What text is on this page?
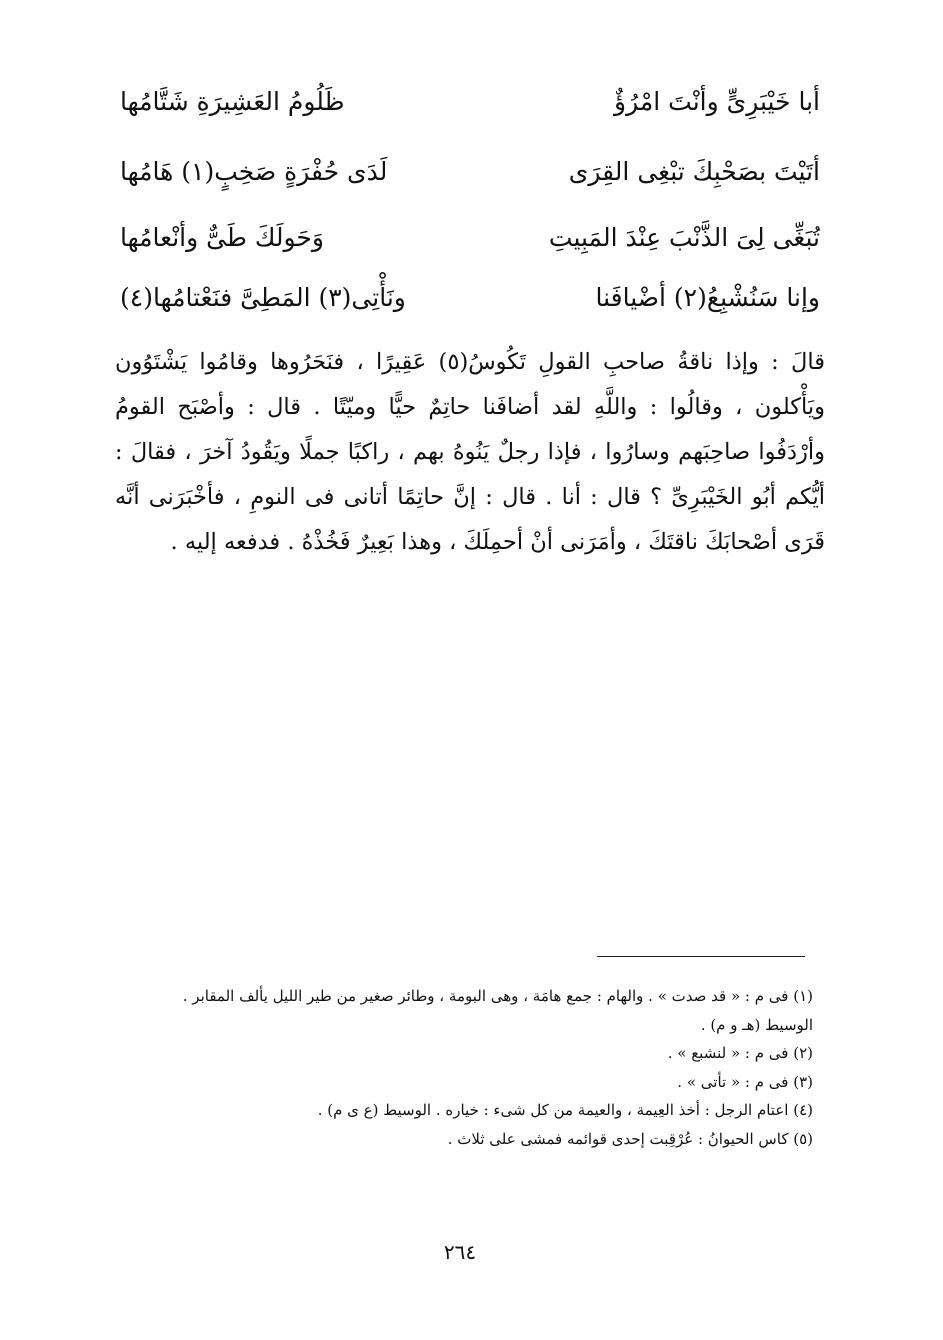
أبا خَيْبَرِىٍّ وأنْتَ امْرُؤٌ
ظَلُومُ العَشِيرَةِ شَتَّامُها
أتَيْتَ بصَحْبِكَ تبْغِى القِرَى
لَدَى حُفْرَةٍ صَخِبٍ(١) هَامُها
تُبَغِّى لِىَ الذَّنْبَ عِنْدَ المَبِيتِ
وَحَولَكَ طَىٌّ وأنْعامُها
وإنا سَنُشْبِعُ(٢) أضْيافَنا
ونَأْتِى(٣) المَطِىَّ فنَعْتامُها(٤)
قالَ : وإذا ناقةُ صاحبِ القولِ تَكُوسُ(٥) عَقِيرًا ، فنَحَرُوها وقامُوا يَشْتَوُون ويَأْكلون ، وقالُوا : واللَّهِ لقد أضافَنا حاتِمٌ حيًّا وميّتًا . قال : وأصْبَح القومُ وأرْدَفُوا صاحِبَهم وسارُوا ، فإذا رجلٌ يَنُوهُ بهم ، راكبًا جملًا ويَقُودُ آخرَ ، فقالَ : أيُّكم أبُو الخَيْبَرِىِّ ؟ قال : أنا . قال : إنَّ حاتِمًا أتانى فى النومِ ، فأخْبَرَنى أنَّه قَرَى أصْحابَكَ ناقتَكَ ، وأمَرَنى أنْ أحمِلَكَ ، وهذا بَعِيرٌ فَخُذْهُ . فدفعه إليه .
(١) فى م : « قد صدت » . والهام : جمع هامَة ، وهى البومة ، وطائر صغير من طير الليل يألف المقابر .
الوسيط (هـ و م) .
(٢) فى م : « لنشبع » .
(٣) فى م : « تأتى » .
(٤) اعتام الرجل : أخذ العِيمة ، والعيمة من كل شىء : خياره . الوسيط (ع ى م) .
(٥) كاس الحيوانُ : عُرْقِبت إحدى قوائمه فمشى على ثلاث .
٢٦٤
